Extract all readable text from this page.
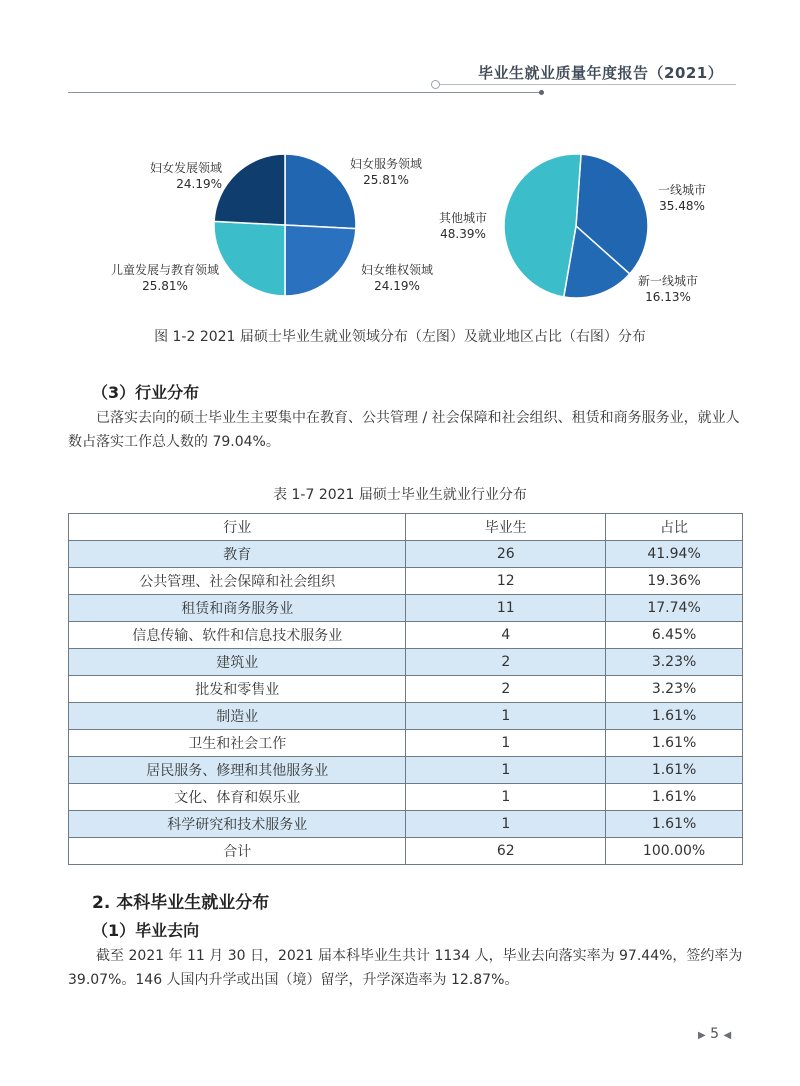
毕业生就业质量年度报告（2021）
妇女发展领域
24.19%
妇女服务领域
25.81%
儿童发展与教育领域
25.81%
妇女维权领域
24.19%
一线城市
35.48%
其他城市
48.39%
新一线城市
16.13%
图 1-2 2021 届硕士毕业生就业领域分布（左图）及就业地区占比（右图）分布
（3）行业分布

已落实去向的硕士毕业生主要集中在教育、公共管理 / 社会保障和社会组织、租赁和商务服务业，就业人数占落实工作总人数的 79.04%。

表 1-7 2021 届硕士毕业生就业行业分布
行业	毕业生	占比
教育	26	41.94%
公共管理、社会保障和社会组织	12	19.36%
租赁和商务服务业	11	17.74%
信息传输、软件和信息技术服务业	4	6.45%
建筑业	2	3.23%
批发和零售业	2	3.23%
制造业	1	1.61%
卫生和社会工作	1	1.61%
居民服务、修理和其他服务业	1	1.61%
文化、体育和娱乐业	1	1.61%
科学研究和技术服务业	1	1.61%
合计	62	100.00%
2. 本科毕业生就业分布
（1）毕业去向

截至 2021 年 11 月 30 日，2021 届本科毕业生共计 1134 人，毕业去向落实率为 97.44%，签约率为 39.07%。146 人国内升学或出国（境）留学，升学深造率为 12.87%。

▶ 5 ◀
